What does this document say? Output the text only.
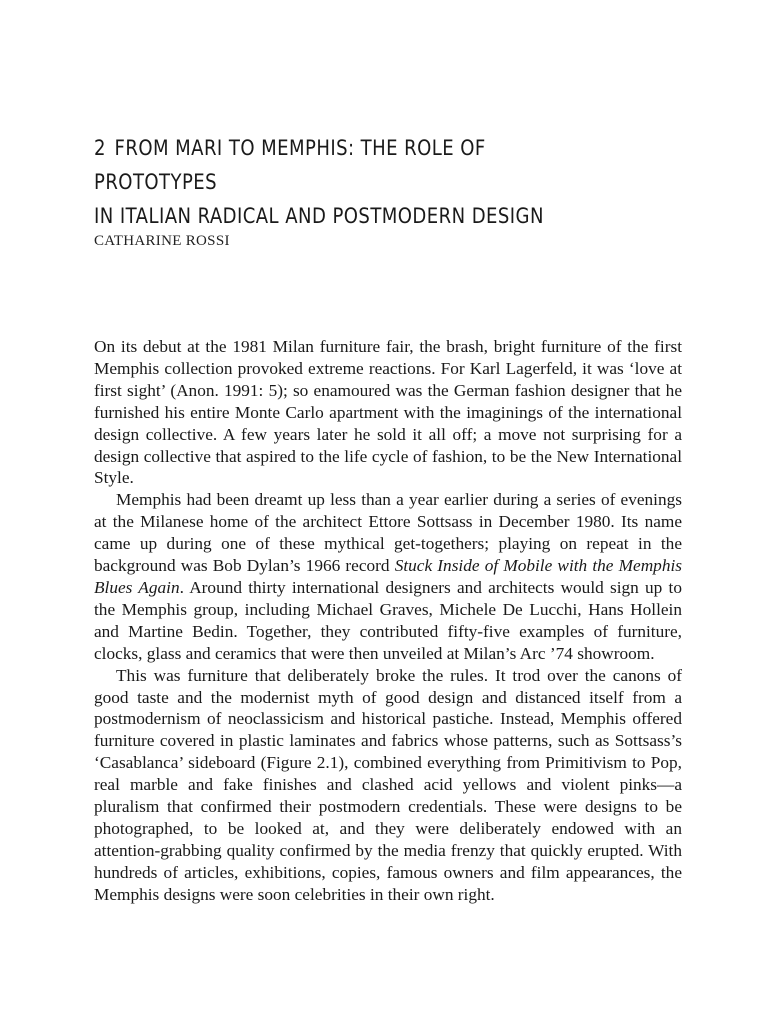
2 FROM MARI TO MEMPHIS: THE ROLE OF PROTOTYPES
IN ITALIAN RADICAL AND POSTMODERN DESIGN

CATHARINE ROSSI

On its debut at the 1981 Milan furniture fair, the brash, bright furniture of the first Memphis collection provoked extreme reactions. For Karl Lagerfeld, it was ‘love at first sight’ (Anon. 1991: 5); so enamoured was the German fashion designer that he furnished his entire Monte Carlo apartment with the imaginings of the international design collective. A few years later he sold it all off; a move not surprising for a design collective that aspired to the life cycle of fashion, to be the New International Style.

Memphis had been dreamt up less than a year earlier during a series of evenings at the Milanese home of the architect Ettore Sottsass in December 1980. Its name came up during one of these mythical get-togethers; playing on repeat in the background was Bob Dylan’s 1966 record Stuck Inside of Mobile with the Memphis Blues Again. Around thirty international designers and architects would sign up to the Memphis group, including Michael Graves, Michele De Lucchi, Hans Hollein and Martine Bedin. Together, they contributed fifty-five examples of furniture, clocks, glass and ceramics that were then unveiled at Milan’s Arc ’74 showroom.

This was furniture that deliberately broke the rules. It trod over the canons of good taste and the modernist myth of good design and distanced itself from a postmodernism of neoclassicism and historical pastiche. Instead, Memphis offered furniture covered in plastic laminates and fabrics whose patterns, such as Sottsass’s ‘Casablanca’ sideboard (Figure 2.1), combined everything from Primitivism to Pop, real marble and fake finishes and clashed acid yellows and violent pinks—a pluralism that confirmed their postmodern credentials. These were designs to be photographed, to be looked at, and they were deliberately endowed with an attention-grabbing quality confirmed by the media frenzy that quickly erupted. With hundreds of articles, exhibitions, copies, famous owners and film appearances, the Memphis designs were soon celebrities in their own right.
